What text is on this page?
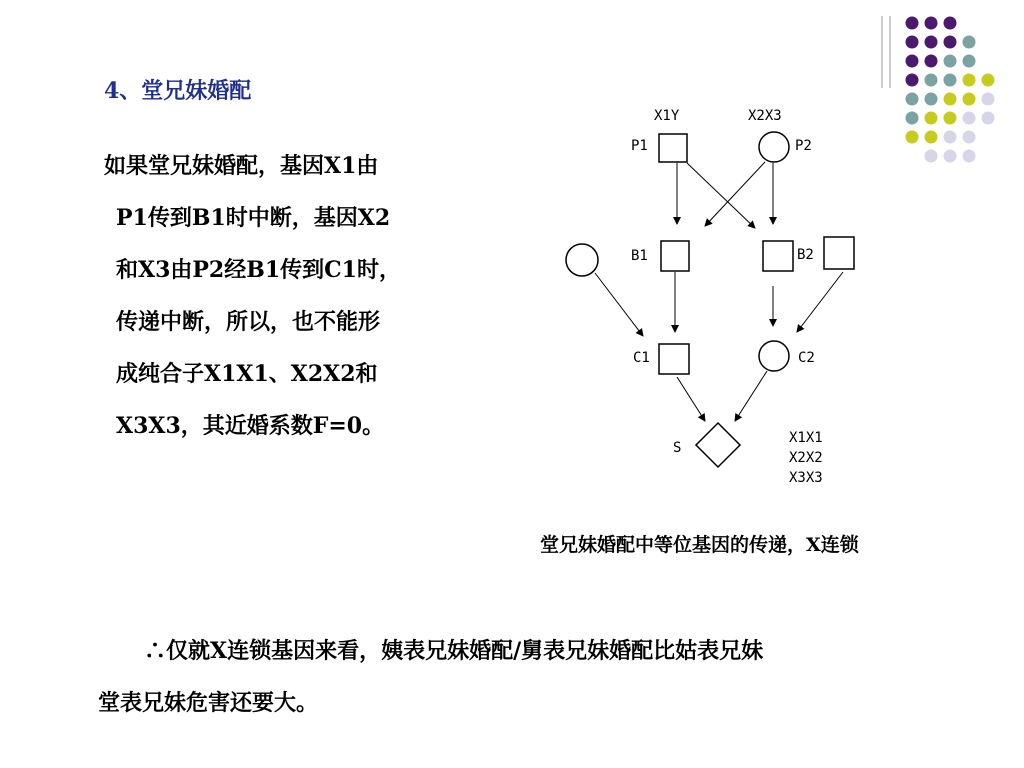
4、堂兄妹婚配
如果堂兄妹婚配，基因X1由
P1传到B1时中断，基因X2
和X3由P2经B1传到C1时，
传递中断，所以，也不能形
成纯合子X1X1、X2X2和
X3X3，其近婚系数F=0。
X1Y	X2X3
P1	P2
B1	B2
C1	C2
S
X1X1
X2X2
X3X3
堂兄妹婚配中等位基因的传递，X连锁
∴仅就X连锁基因来看，姨表兄妹婚配/舅表兄妹婚配比姑表兄妹
堂表兄妹危害还要大。
